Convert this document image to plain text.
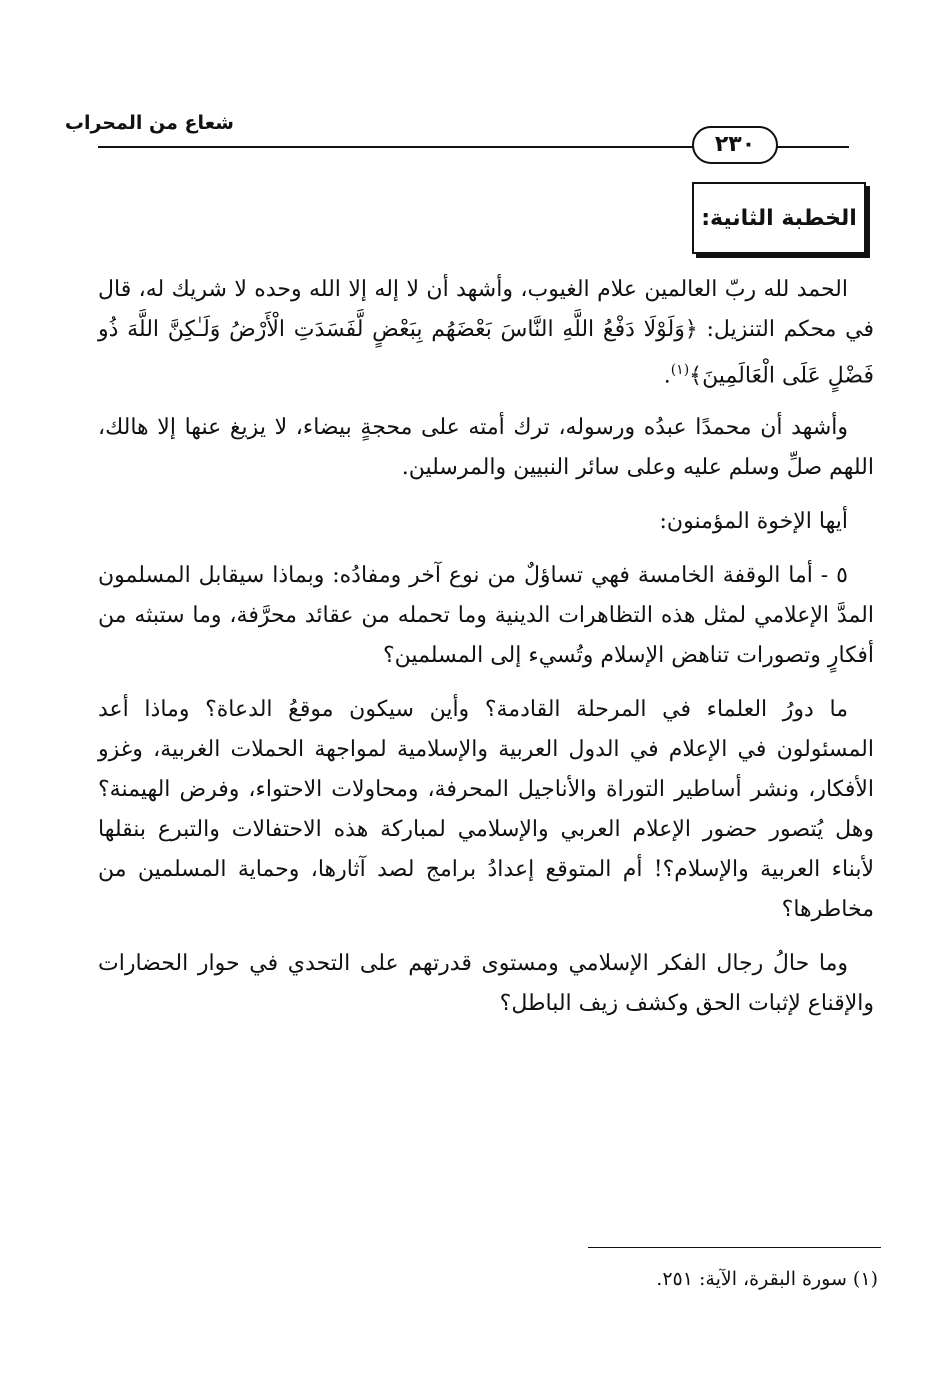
شعاع من المحراب
٢٣٠
الخطبة الثانية:

الحمد لله ربّ العالمين علام الغيوب، وأشهد أن لا إله إلا الله وحده لا شريك له، قال في محكم التنزيل: ﴿وَلَوْلَا دَفْعُ اللَّهِ النَّاسَ بَعْضَهُم بِبَعْضٍ لَّفَسَدَتِ الْأَرْضُ وَلَـٰكِنَّ اللَّهَ ذُو فَضْلٍ عَلَى الْعَالَمِينَ﴾$^{(١)}$.

وأشهد أن محمدًا عبدُه ورسوله، ترك أمته على محجةٍ بيضاء، لا يزيغ عنها إلا هالك، اللهم صلِّ وسلم عليه وعلى سائر النبيين والمرسلين.

أيها الإخوة المؤمنون:

٥ - أما الوقفة الخامسة فهي تساؤلٌ من نوع آخر ومفادُه: وبماذا سيقابل المسلمون المدَّ الإعلامي لمثل هذه التظاهرات الدينية وما تحمله من عقائد محرَّفة، وما ستبثه من أفكارٍ وتصورات تناهض الإسلام وتُسيء إلى المسلمين؟

ما دورُ العلماء في المرحلة القادمة؟ وأين سيكون موقعُ الدعاة؟ وماذا أعد المسئولون في الإعلام في الدول العربية والإسلامية لمواجهة الحملات الغربية، وغزو الأفكار، ونشر أساطير التوراة والأناجيل المحرفة، ومحاولات الاحتواء، وفرض الهيمنة؟ وهل يُتصور حضور الإعلام العربي والإسلامي لمباركة هذه الاحتفالات والتبرع بنقلها لأبناء العربية والإسلام؟! أم المتوقع إعدادُ برامج لصد آثارها، وحماية المسلمين من مخاطرها؟

وما حالُ رجال الفكر الإسلامي ومستوى قدرتهم على التحدي في حوار الحضارات والإقناع لإثبات الحق وكشف زيف الباطل؟

(١) سورة البقرة، الآية: ٢٥١.
